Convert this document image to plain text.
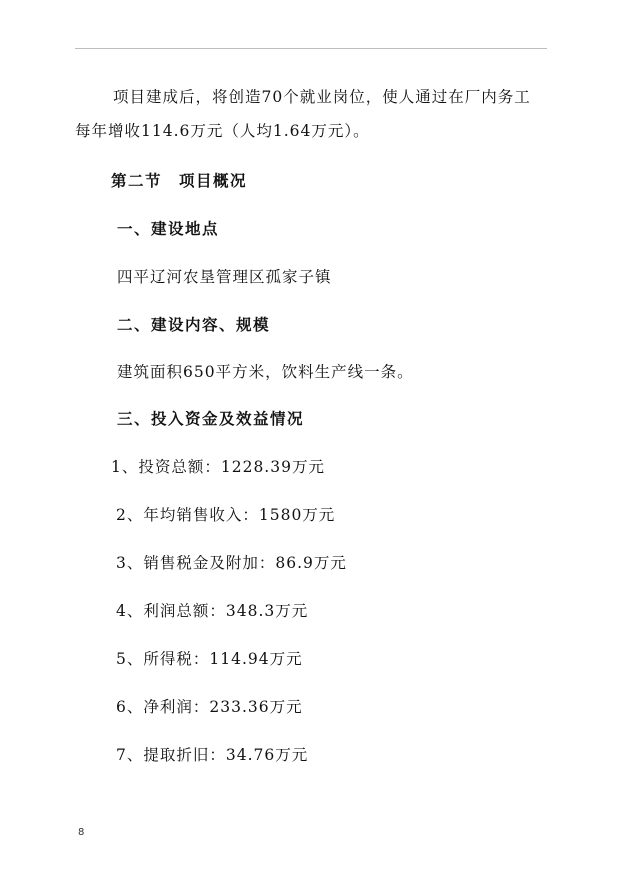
项目建成后，将创造70个就业岗位，使人通过在厂内务工
每年增收114.6万元（人均1.64万元）。
第二节　项目概况
一、建设地点
四平辽河农垦管理区孤家子镇
二、建设内容、规模
建筑面积650平方米，饮料生产线一条。
三、投入资金及效益情况
1、投资总额：1228.39万元
2、年均销售收入：1580万元
3、销售税金及附加：86.9万元
4、利润总额：348.3万元
5、所得税：114.94万元
6、净利润：233.36万元
7、提取折旧：34.76万元
8
